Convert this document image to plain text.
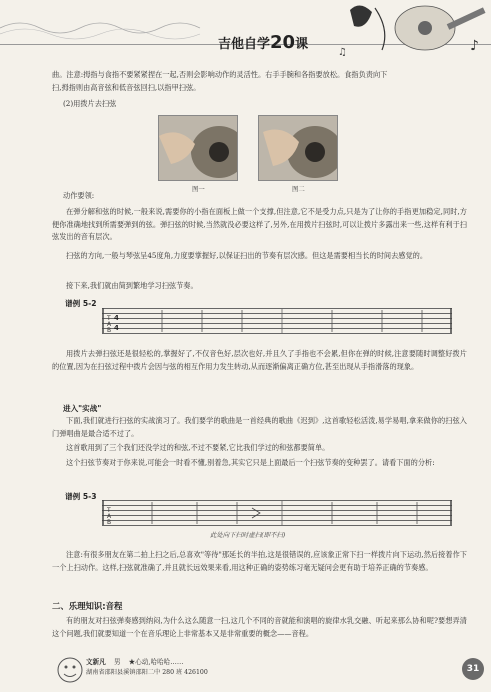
吉他自学20课	♪
♫
曲。注意:拇指与食指不要紧紧捏在一起,否则会影响动作的灵活性。右手手腕和各指要放松。食指负责向下
扫,拇指则由高音弦和低音弦回扫,以指甲扫弦。
(2)用拨片去扫弦
图一	图二
动作要领:
在弹分解和弦的时候,一般来说,需要你的小指在面板上做一个支撑,但注意,它不是受力点,只是为了让你的手指更加稳定,同时,方便你准确地找到所需要弹到的弦。弹扫弦的时候,当然就没必要这样了,另外,在用拨片扫弦时,可以让拨片多露出来一些,这样有利于扫弦发出的音有层次。
扫弦的方向,一般与琴弦呈45度角,力度要掌握好,以保证扫出的节奏有层次感。但这是需要相当长的时间去感觉的。
接下来,我们就由简到繁地学习扫弦节奏。
谱例 5-2
T
A
B
4
4
用拨片去弹扫弦还是很轻松的,掌握好了,不仅音色好,层次也好,并且久了手指也不会累,但你在弹的时候,注意要随时调整好拨片的位置,因为在扫弦过程中拨片会因与弦的相互作用力发生转动,从而逐渐偏离正确方位,甚至出现从手指滑落的现象。
进入"实战"
下面,我们就进行扫弦的实战演习了。我们要学的歌曲是一首经典的歌曲《迟到》,这首歌轻松活泼,易学易唱,拿来做你的扫弦入门弹唱曲是最合适不过了。
这首歌用到了三个我们还没学过的和弦,不过不要紧,它比我们学过的和弦都要简单。
这个扫弦节奏对于你来说,可能会一时看不懂,别着急,其实它只是上面最后一个扫弦节奏的变种罢了。请看下面的分析:
谱例 5-3
T
A
B
此处向下扫时虚扫(即不扫)
注意:有很多朋友在第二拍上扫之后,总喜欢"等待"那延长的半拍,这是很错误的,应该象正常下扫一样拨片向下运动,然后接着作下一个上扫动作。这样,扫弦就准确了,并且就长远效果来看,用这种正确的姿势练习毫无疑问会更有助于培养正确的节奏感。
二、乐理知识:音程
有的朋友对扫弦弹奏感到纳闷,为什么这么随意一扫,这几个不同的音就能和演唱的旋律水乳交融、听起来那么协和呢?要想弄清这个问题,我们就要知道一个在音乐理论上非常基本又是非常重要的概念——音程。
文新凡 男 ★心动,哈哈哈……
湖南省邵阳县溪镇邵阳二中 280 班 426100	31
